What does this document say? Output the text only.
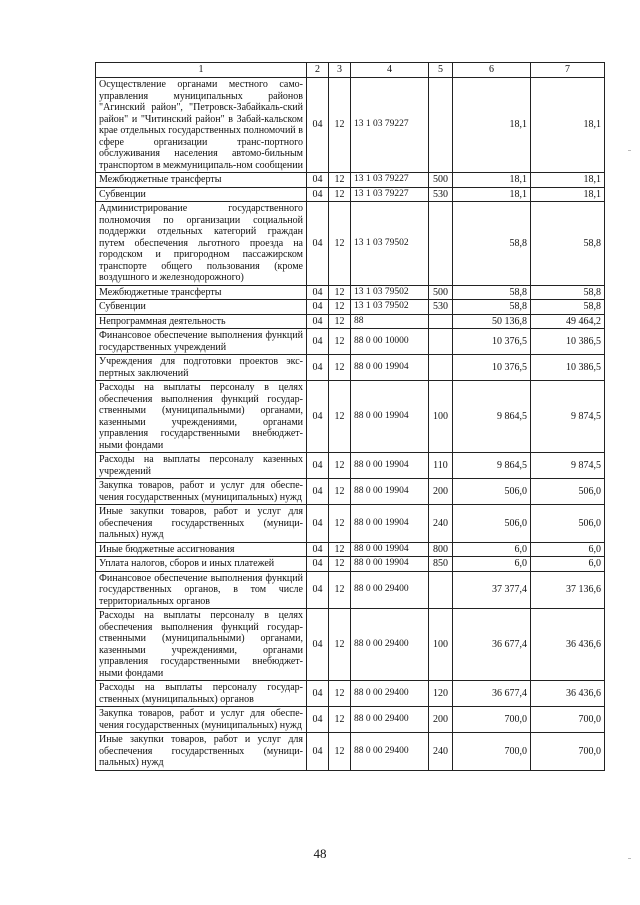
1	2	3	4	5	6	7
Осуществление органами местного само-управления муниципальных районов "Агинский район", "Петровск-Забайкаль-ский район" и "Читинский район" в Забай-кальском крае отдельных государственных полномочий в сфере организации транс-портного обслуживания населения автомо-бильным транспортом в межмуниципаль-ном сообщении	04	12	13 1 03 79227		18,1	18,1
Межбюджетные трансферты	04	12	13 1 03 79227	500	18,1	18,1
Субвенции	04	12	13 1 03 79227	530	18,1	18,1
Администрирование государственного полномочия по организации социальной поддержки отдельных категорий граждан путем обеспечения льготного проезда на городском и пригородном пассажирском транспорте общего пользования (кроме воздушного и железнодорожного)	04	12	13 1 03 79502		58,8	58,8
Межбюджетные трансферты	04	12	13 1 03 79502	500	58,8	58,8
Субвенции	04	12	13 1 03 79502	530	58,8	58,8
Непрограммная деятельность	04	12	88		50 136,8	49 464,2
Финансовое обеспечение выполнения функций государственных учреждений	04	12	88 0 00 10000		10 376,5	10 386,5
Учреждения для подготовки проектов экс-пертных заключений	04	12	88 0 00 19904		10 376,5	10 386,5
Расходы на выплаты персоналу в целях обеспечения выполнения функций государ-ственными (муниципальными) органами, казенными учреждениями, органами управления государственными внебюджет-ными фондами	04	12	88 0 00 19904	100	9 864,5	9 874,5
Расходы на выплаты персоналу казенных учреждений	04	12	88 0 00 19904	110	9 864,5	9 874,5
Закупка товаров, работ и услуг для обеспе-чения государственных (муниципальных) нужд	04	12	88 0 00 19904	200	506,0	506,0
Иные закупки товаров, работ и услуг для обеспечения государственных (муници-пальных) нужд	04	12	88 0 00 19904	240	506,0	506,0
Иные бюджетные ассигнования	04	12	88 0 00 19904	800	6,0	6,0
Уплата налогов, сборов и иных платежей	04	12	88 0 00 19904	850	6,0	6,0
Финансовое обеспечение выполнения функций государственных органов, в том числе территориальных органов	04	12	88 0 00 29400		37 377,4	37 136,6
Расходы на выплаты персоналу в целях обеспечения выполнения функций государ-ственными (муниципальными) органами, казенными учреждениями, органами управления государственными внебюджет-ными фондами	04	12	88 0 00 29400	100	36 677,4	36 436,6
Расходы на выплаты персоналу государ-ственных (муниципальных) органов	04	12	88 0 00 29400	120	36 677,4	36 436,6
Закупка товаров, работ и услуг для обеспе-чения государственных (муниципальных) нужд	04	12	88 0 00 29400	200	700,0	700,0
Иные закупки товаров, работ и услуг для обеспечения государственных (муници-пальных) нужд	04	12	88 0 00 29400	240	700,0	700,0
48
